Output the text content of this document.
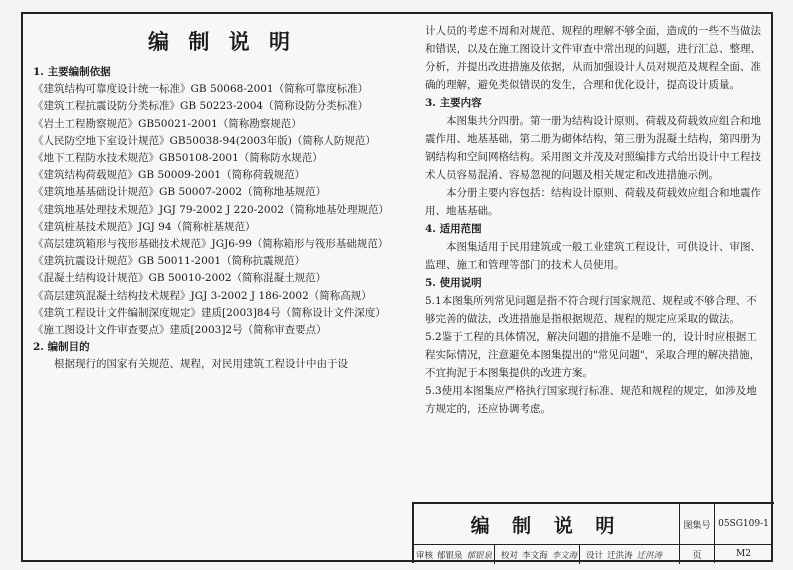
编 制 说 明
1. 主要编制依据
《建筑结构可靠度设计统一标准》GB 50068-2001（简称可靠度标准）
《建筑工程抗震设防分类标准》GB 50223-2004（简称设防分类标准）
《岩土工程勘察规范》GB50021-2001（简称勘察规范）
《人民防空地下室设计规范》GB50038-94(2003年版)（简称人防规范）
《地下工程防水技术规范》GB50108-2001（简称防水规范）
《建筑结构荷载规范》GB 50009-2001（简称荷载规范）
《建筑地基基础设计规范》GB 50007-2002（简称地基规范）
《建筑地基处理技术规范》JGJ 79-2002 J 220-2002（简称地基处理规范）
《建筑桩基技术规范》JGJ 94（简称桩基规范）
《高层建筑箱形与筏形基础技术规范》JGJ6-99（简称箱形与筏形基础规范）
《建筑抗震设计规范》GB 50011-2001（简称抗震规范）
《混凝土结构设计规范》GB 50010-2002（简称混凝土规范）
《高层建筑混凝土结构技术规程》JGJ 3-2002 J 186-2002（简称高规）
《建筑工程设计文件编制深度规定》建质[2003]84号（简称设计文件深度）
《施工图设计文件审查要点》建质[2003]2号（简称审查要点）
2. 编制目的
根据现行的国家有关规范、规程，对民用建筑工程设计中由于设
计人员的考虑不周和对规范、规程的理解不够全面，造成的一些不当做法和错误，以及在施工图设计文件审查中常出现的问题，进行汇总、整理、分析，并提出改进措施及依据，从而加强设计人员对规范及规程全面、准确的理解，避免类似错误的发生，合理和优化设计，提高设计质量。
3. 主要内容
本图集共分四册。第一册为结构设计原则、荷载及荷载效应组合和地震作用、地基基础，第二册为砌体结构，第三册为混凝土结构，第四册为钢结构和空间网格结构。采用图文并茂及对照编排方式给出设计中工程技术人员容易混淆、容易忽视的问题及相关规定和改进措施示例。
本分册主要内容包括：结构设计原则、荷载及荷载效应组合和地震作用、地基基础。
4. 适用范围
本图集适用于民用建筑或一般工业建筑工程设计，可供设计、审图、监理、施工和管理等部门的技术人员使用。
5. 使用说明
5.1本图集所列常见问题是指不符合现行国家规范、规程或不够合理、不够完善的做法，改进措施是指根据规范、规程的规定应采取的做法。
5.2鉴于工程的具体情况，解决问题的措施不是唯一的，设计时应根据工程实际情况，注意避免本图集提出的"常见问题"，采取合理的解决措施，不宜拘泥于本图集提供的改进方案。
5.3使用本图集应严格执行国家现行标准、规范和规程的规定，如涉及地方规定的，还应协调考虑。
编 制 说 明	图集号 05SG109-1
页	M2
审核 郁银泉 郁银泉 校对 李文海 李文海 设计 迁洪涛 迁洪涛
